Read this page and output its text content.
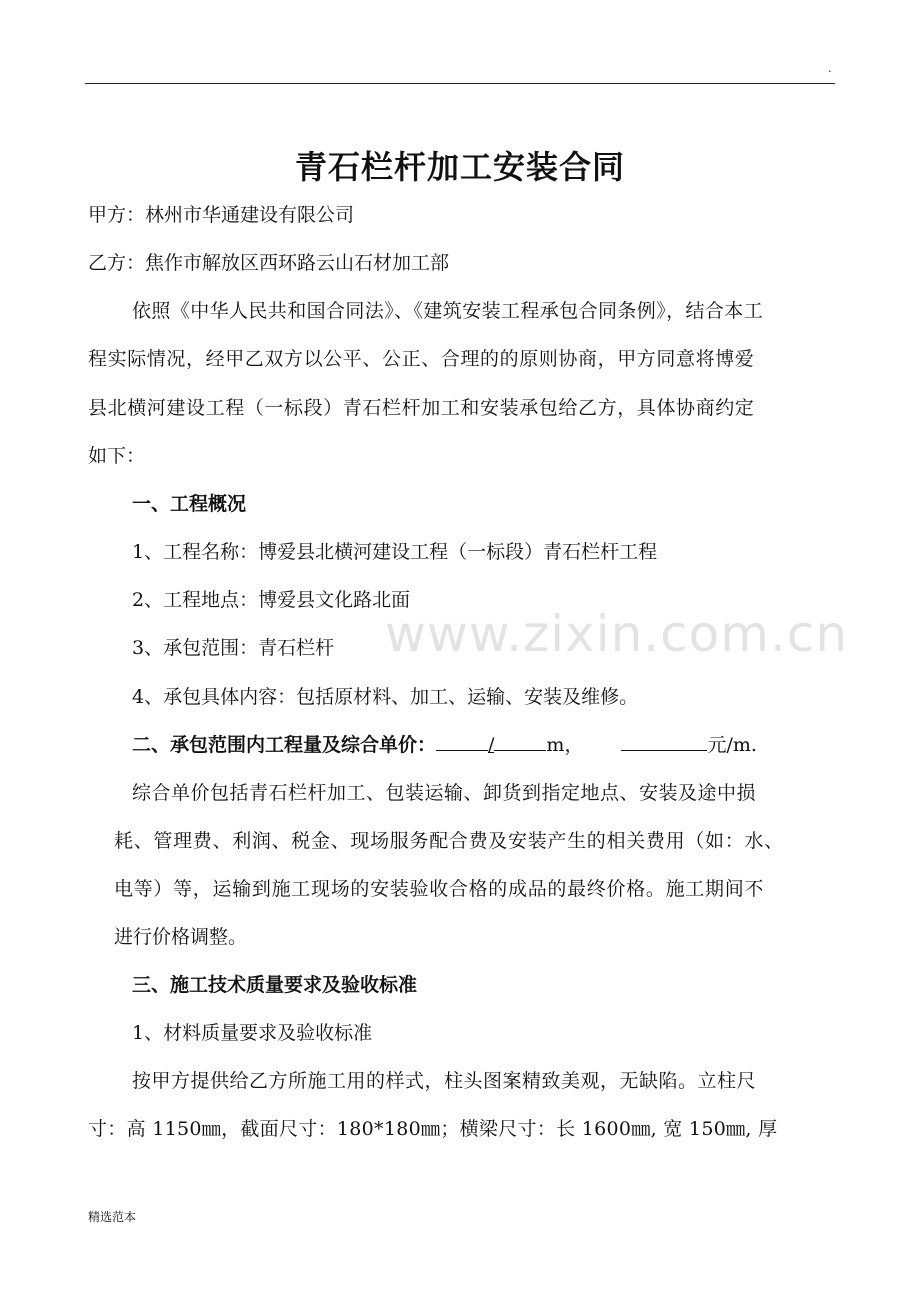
.
www.zixin.com.cn
青石栏杆加工安装合同
甲方：林州市华通建设有限公司
乙方：焦作市解放区西环路云山石材加工部
依照《中华人民共和国合同法》、《建筑安装工程承包合同条例》，结合本工
程实际情况，经甲乙双方以公平、公正、合理的的原则协商，甲方同意将博爱
县北横河建设工程（一标段）青石栏杆加工和安装承包给乙方，具体协商约定
如下：
一、工程概况
1、工程名称：博爱县北横河建设工程（一标段）青石栏杆工程
2、工程地点：博爱县文化路北面
3、承包范围：青石栏杆
4、承包具体内容：包括原材料、加工、运输、安装及维修。
二、承包范围内工程量及综合单价：	/	m，	元/m.
综合单价包括青石栏杆加工、包装运输、卸货到指定地点、安装及途中损
耗、管理费、利润、税金、现场服务配合费及安装产生的相关费用（如：水、
电等）等，运输到施工现场的安装验收合格的成品的最终价格。施工期间不
进行价格调整。
三、施工技术质量要求及验收标准
1、材料质量要求及验收标准
按甲方提供给乙方所施工用的样式，柱头图案精致美观，无缺陷。立柱尺
寸：高 1150㎜，截面尺寸：180*180㎜；横梁尺寸：长 1600㎜, 宽 150㎜, 厚
精选范本
